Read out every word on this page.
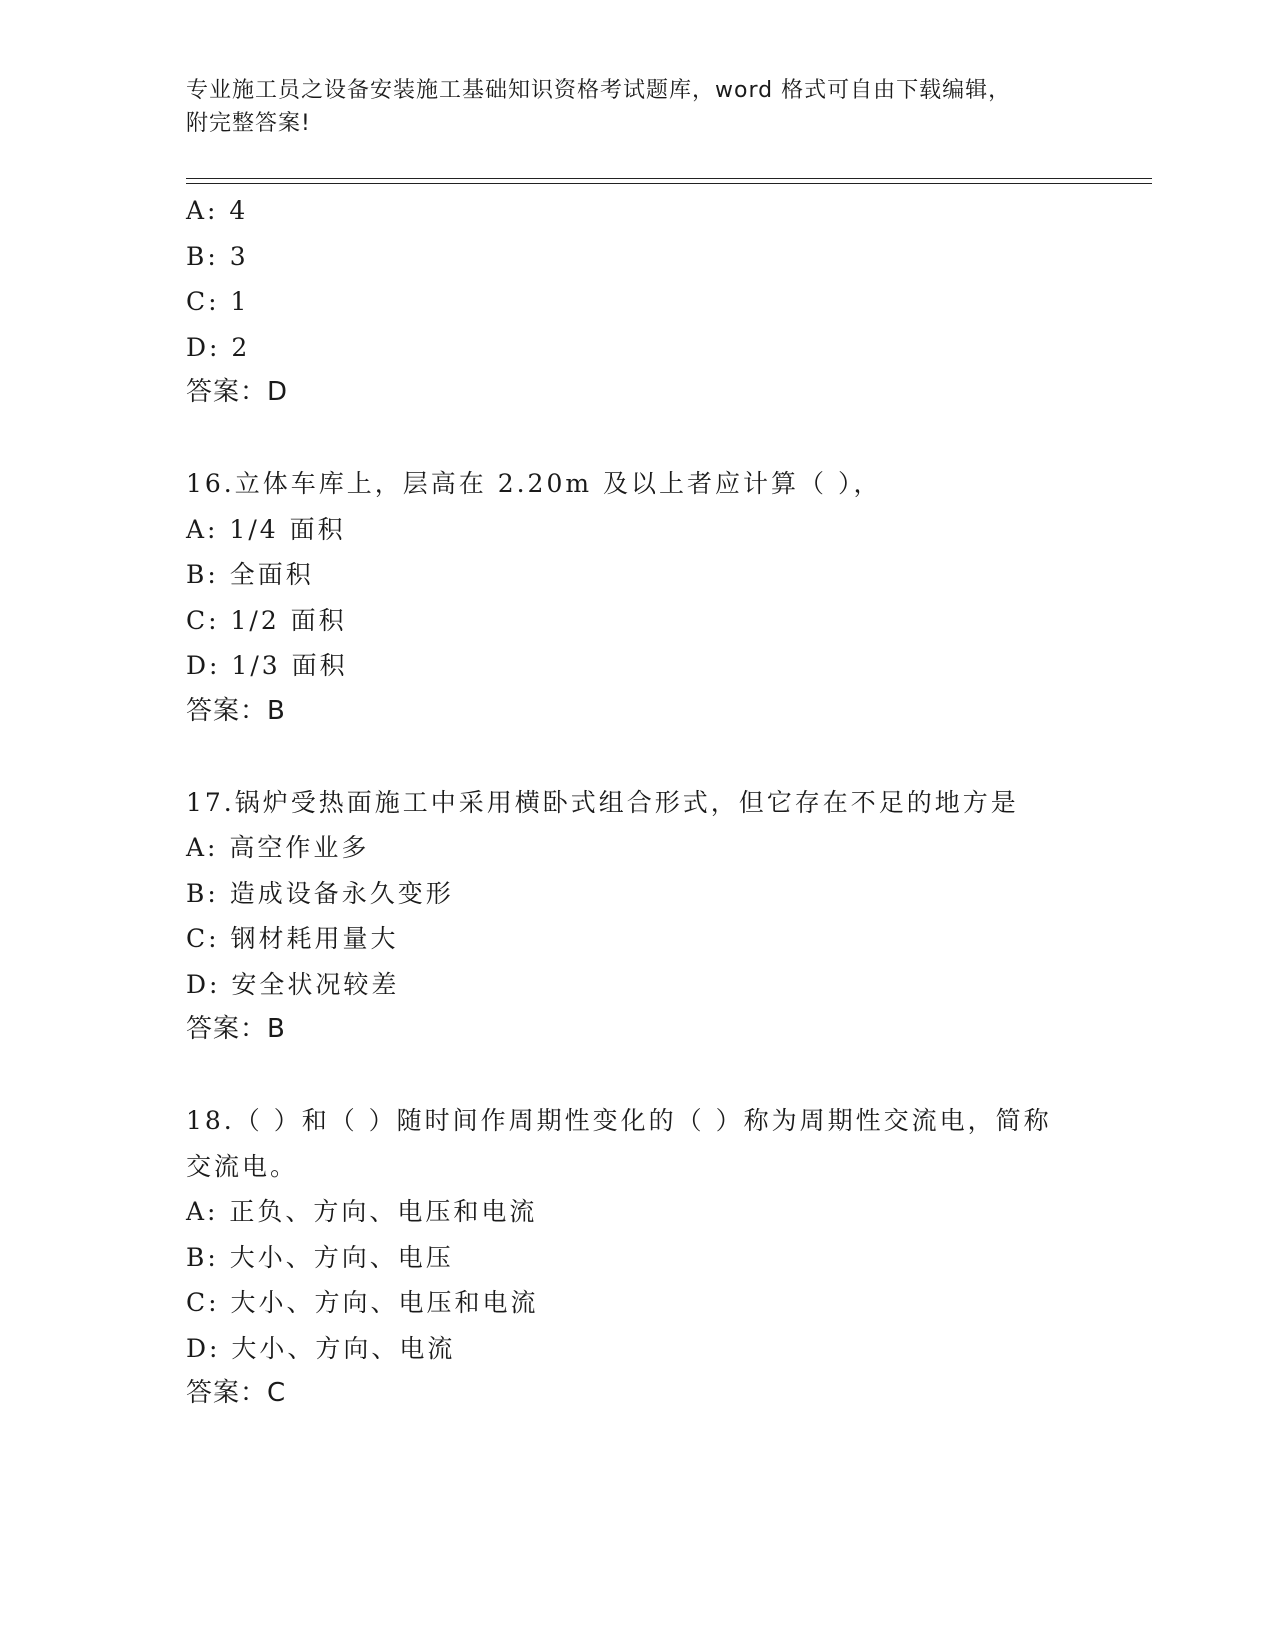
专业施工员之设备安装施工基础知识资格考试题库，word 格式可自由下载编辑，
附完整答案!
A: 4
B: 3
C: 1
D: 2
答案：D
16.立体车库上，层高在 2.20m 及以上者应计算（ ），
A: 1/4 面积
B: 全面积
C: 1/2 面积
D: 1/3 面积
答案：B
17.锅炉受热面施工中采用横卧式组合形式，但它存在不足的地方是
A: 高空作业多
B: 造成设备永久变形
C: 钢材耗用量大
D: 安全状况较差
答案：B
18.（ ）和（ ）随时间作周期性变化的（ ）称为周期性交流电，简称交流电。
A: 正负、方向、电压和电流
B: 大小、方向、电压
C: 大小、方向、电压和电流
D: 大小、方向、电流
答案：C
